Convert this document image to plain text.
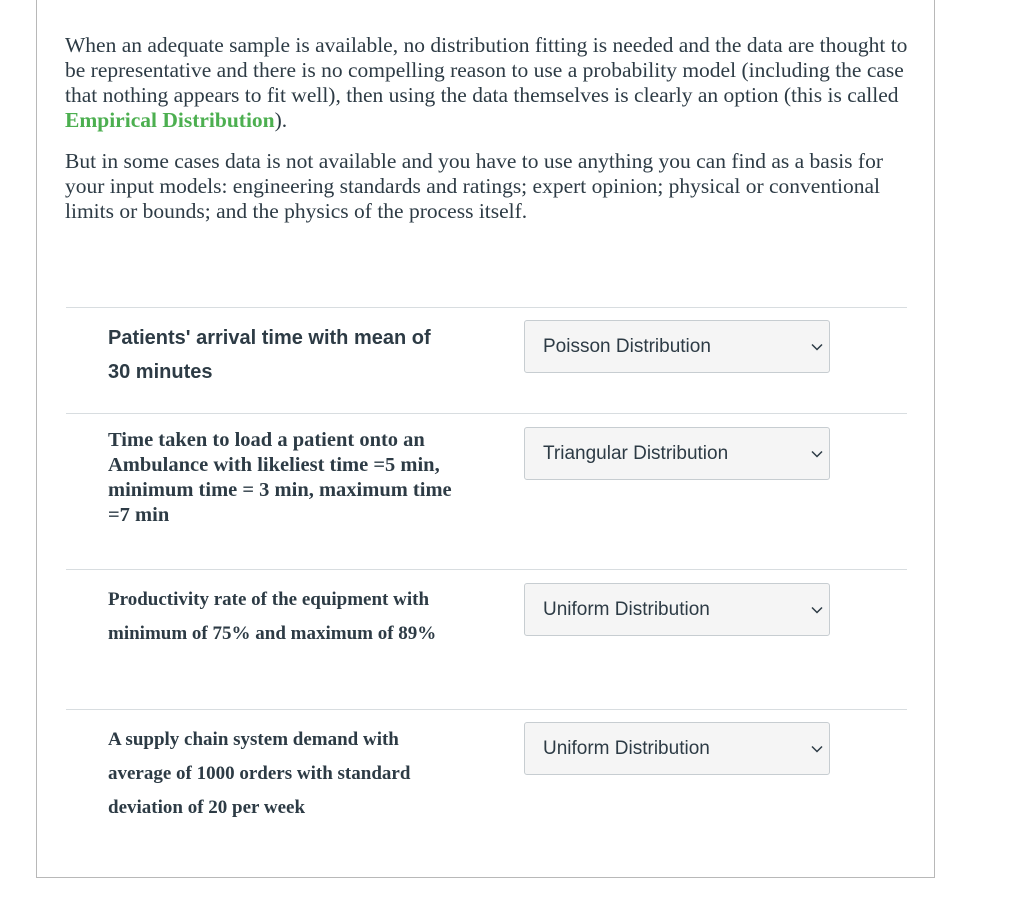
When an adequate sample is available, no distribution fitting is needed and the data are thought to be representative and there is no compelling reason to use a probability model (including the case that nothing appears to fit well), then using the data themselves is clearly an option (this is called Empirical Distribution).

But in some cases data is not available and you have to use anything you can find as a basis for your input models: engineering standards and ratings; expert opinion; physical or conventional limits or bounds; and the physics of the process itself.

Patients' arrival time with mean of 30 minutes
Poisson Distribution
Time taken to load a patient onto an Ambulance with likeliest time =5 min, minimum time = 3 min, maximum time =7 min
Triangular Distribution
Productivity rate of the equipment with minimum of 75% and maximum of 89%
Uniform Distribution
A supply chain system demand with average of 1000 orders with standard deviation of 20 per week
Uniform Distribution
